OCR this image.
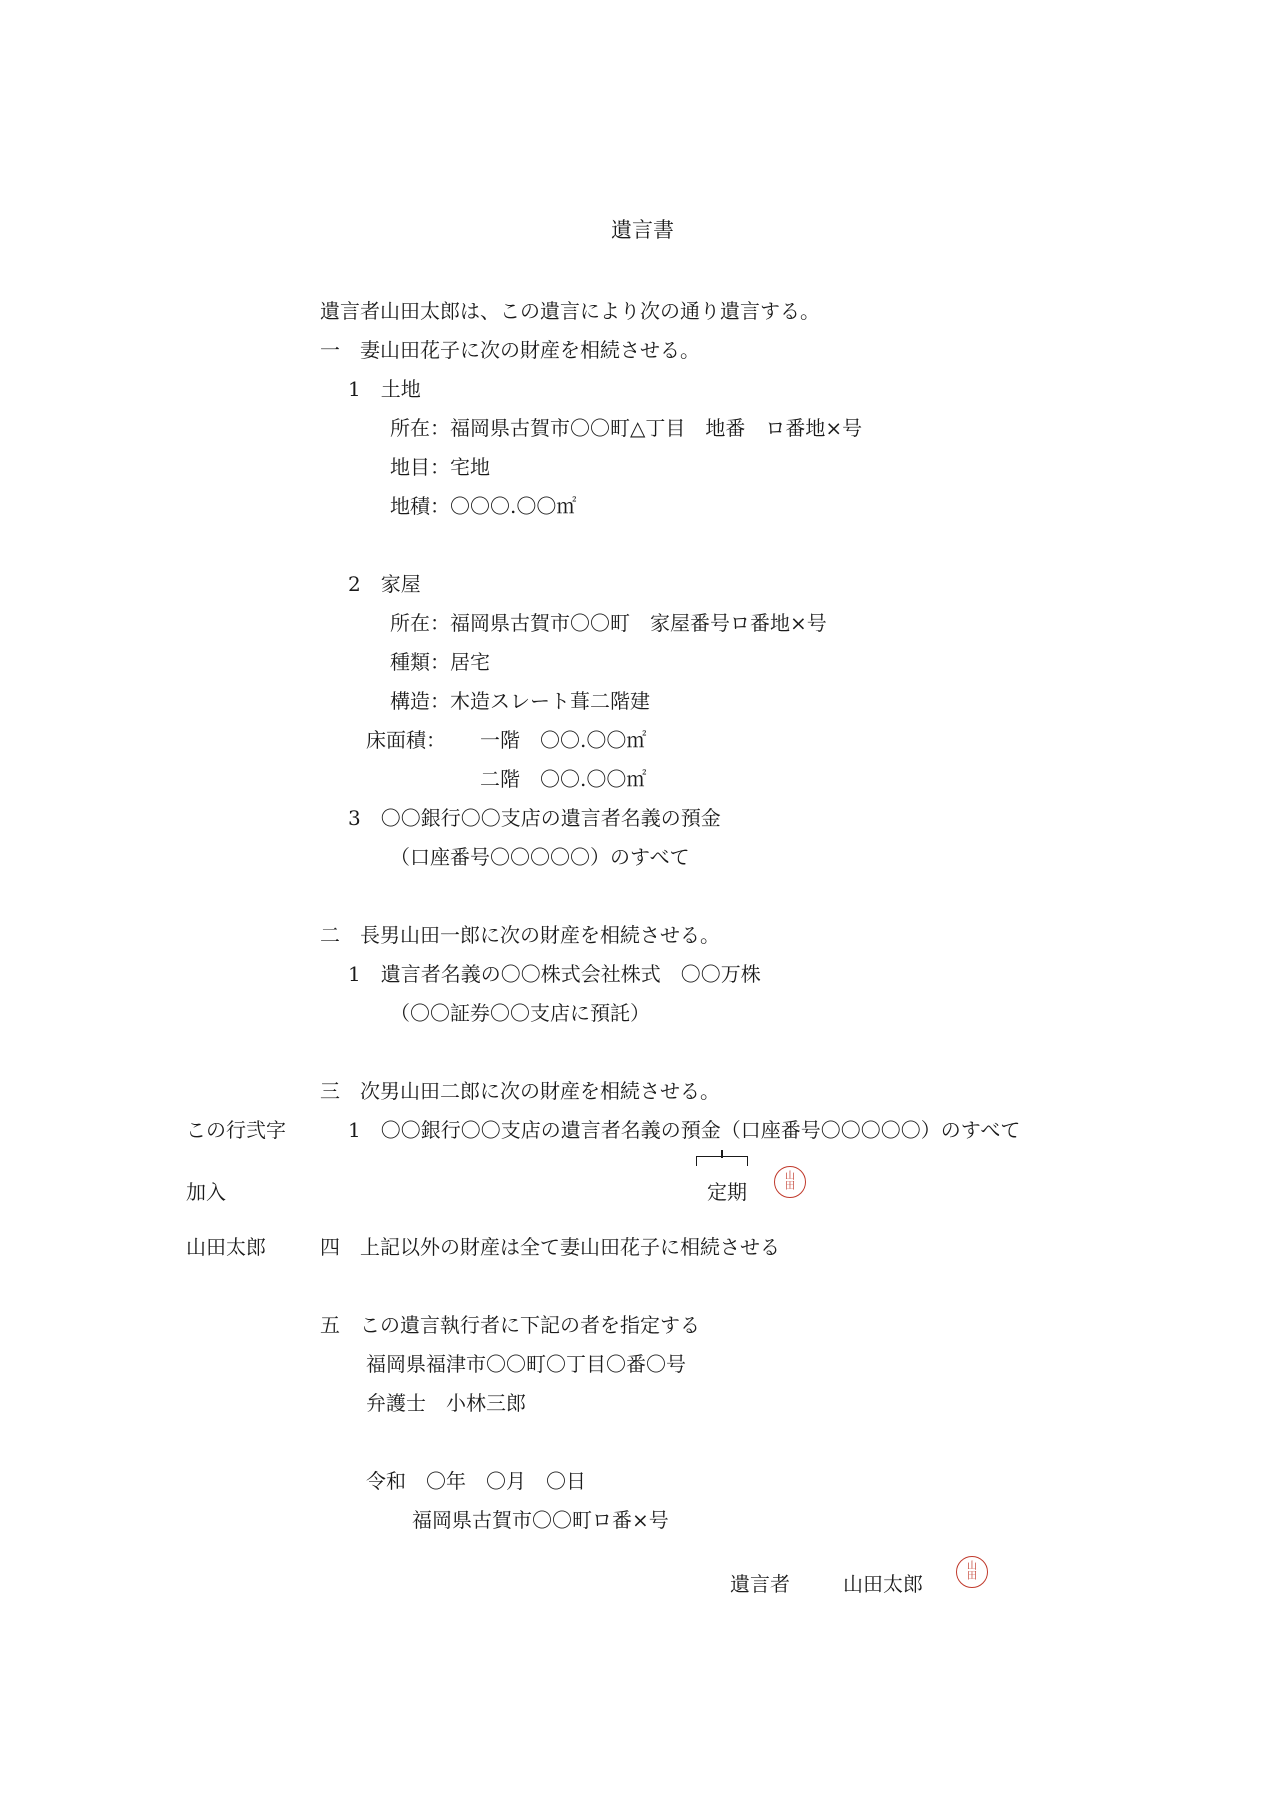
遺言書
遺言者山田太郎は、この遺言により次の通り遺言する。
一　妻山田花子に次の財産を相続させる。
1　土地
所在：福岡県古賀市〇〇町△丁目　地番　ロ番地×号
地目：宅地
地積：〇〇〇.〇〇㎡
2　家屋
所在：福岡県古賀市〇〇町　家屋番号ロ番地×号
種類：居宅
構造：木造スレート葺二階建
床面積： 一階　〇〇.〇〇㎡
二階　〇〇.〇〇㎡
3　〇〇銀行〇〇支店の遺言者名義の預金
（口座番号〇〇〇〇〇）のすべて
二　長男山田一郎に次の財産を相続させる。
1　遺言者名義の〇〇株式会社株式　〇〇万株
（〇〇証券〇〇支店に預託）
三　次男山田二郎に次の財産を相続させる。
この行弐字	1　〇〇銀行〇〇支店の遺言者名義の預金（口座番号〇〇〇〇〇）のすべて
加入	定期
山
田
山田太郎	四　上記以外の財産は全て妻山田花子に相続させる
五　この遺言執行者に下記の者を指定する
福岡県福津市〇〇町〇丁目〇番〇号
弁護士　小林三郎
令和　〇年　〇月　〇日
福岡県古賀市〇〇町ロ番×号
遺言者	山田太郎
山
田
